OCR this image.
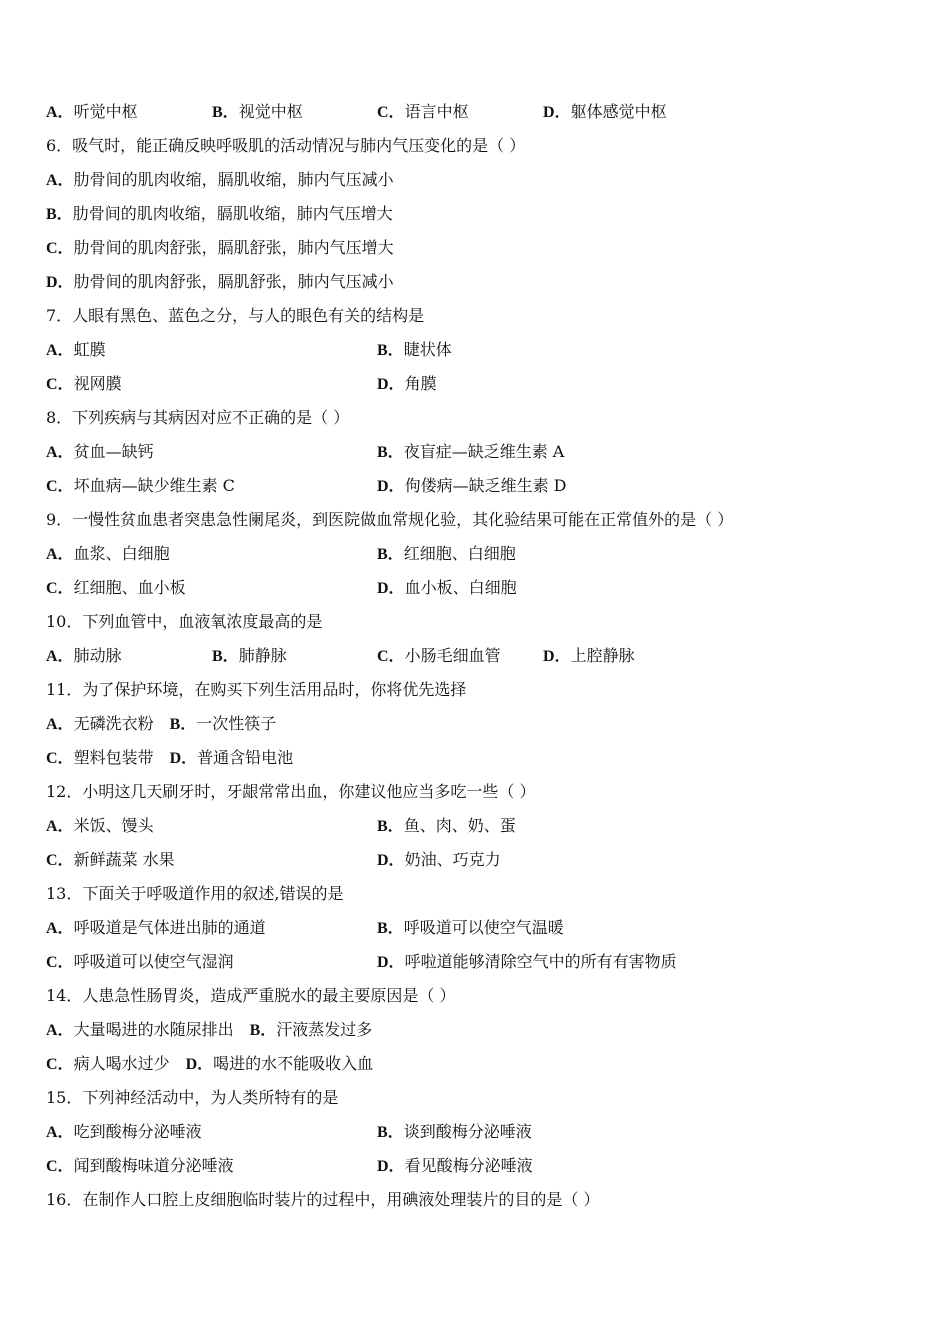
A．听觉中枢	B．视觉中枢	C．语言中枢	D．躯体感觉中枢
6．吸气时，能正确反映呼吸肌的活动情况与肺内气压变化的是（ ）
A．肋骨间的肌肉收缩，膈肌收缩，肺内气压减小
B．肋骨间的肌肉收缩，膈肌收缩，肺内气压增大
C．肋骨间的肌肉舒张，膈肌舒张，肺内气压增大
D．肋骨间的肌肉舒张，膈肌舒张，肺内气压减小
7．人眼有黑色、蓝色之分，与人的眼色有关的结构是
A．虹膜	B．睫状体
C．视网膜	D．角膜
8．下列疾病与其病因对应不正确的是（ ）
A．贫血—缺钙	B．夜盲症—缺乏维生素 A
C．坏血病—缺少维生素 C	D．佝偻病—缺乏维生素 D
9．一慢性贫血患者突患急性阑尾炎，到医院做血常规化验，其化验结果可能在正常值外的是（ ）
A．血浆、白细胞	B．红细胞、白细胞
C．红细胞、血小板	D．血小板、白细胞
10．下列血管中，血液氧浓度最高的是
A．肺动脉	B．肺静脉	C．小肠毛细血管	D．上腔静脉
11．为了保护环境，在购买下列生活用品时，你将优先选择
A．无磷洗衣粉 B．一次性筷子
C．塑料包装带 D．普通含铅电池
12．小明这几天刷牙时，牙龈常常出血，你建议他应当多吃一些（ ）
A．米饭、馒头	B．鱼、肉、奶、蛋
C．新鲜蔬菜 水果	D．奶油、巧克力
13．下面关于呼吸道作用的叙述,错误的是
A．呼吸道是气体进出肺的通道	B．呼吸道可以使空气温暖
C．呼吸道可以使空气湿润	D．呼啦道能够清除空气中的所有有害物质
14．人患急性肠胃炎，造成严重脱水的最主要原因是（ ）
A．大量喝进的水随尿排出 B．汗液蒸发过多
C．病人喝水过少 D．喝进的水不能吸收入血
15．下列神经活动中，为人类所特有的是
A．吃到酸梅分泌唾液	B．谈到酸梅分泌唾液
C．闻到酸梅味道分泌唾液	D．看见酸梅分泌唾液
16．在制作人口腔上皮细胞临时装片的过程中，用碘液处理装片的目的是（ ）
